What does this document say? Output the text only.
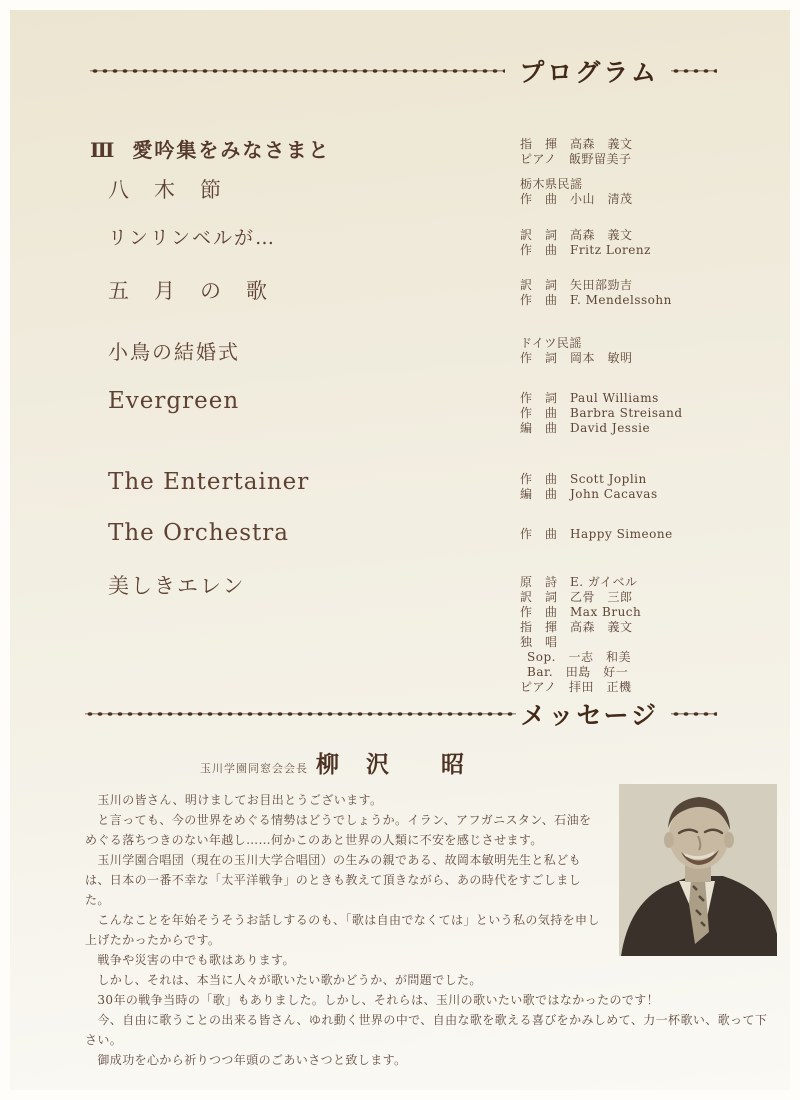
プログラム
Ⅲ 愛吟集をみなさまと	指　揮　高森　義文
ピアノ　飯野留美子
八　木　節	栃木県民謡
作　曲　小山　清茂
リンリンベルが…	訳　詞　高森　義文
作　曲　Fritz Lorenz
五　月　の　歌	訳　詞　矢田部勁吉
作　曲　F. Mendelssohn
小鳥の結婚式	ドイツ民謡
作　詞　岡本　敏明
Evergreen	作　詞　Paul Williams
作　曲　Barbra Streisand
編　曲　David Jessie
The Entertainer	作　曲　Scott Joplin
編　曲　John Cacavas
The Orchestra	作　曲　Happy Simeone
美しきエレン	原　詩　E. ガイベル
訳　詞　乙骨　三郎
作　曲　Max Bruch
指　揮　高森　義文
独　唱
Sop.　一志　和美
Bar.　田島　好一
ピアノ　拝田　正機
メッセージ
玉川学園同窓会会長 柳　沢　　昭

　玉川の皆さん、明けましてお目出とうございます。

　と言っても、今の世界をめぐる情勢はどうでしょうか。イラン、アフガニスタン、石油をめぐる落ちつきのない年越し……何かこのあと世界の人類に不安を感じさせます。

　玉川学園合唱団（現在の玉川大学合唱団）の生みの親である、故岡本敏明先生と私どもは、日本の一番不幸な「太平洋戦争」のときも教えて頂きながら、あの時代をすごしました。

　こんなことを年始そうそうお話しするのも、「歌は自由でなくては」という私の気持を申し上げたかったからです。

　戦争や災害の中でも歌はあります。

　しかし、それは、本当に人々が歌いたい歌かどうか、が問題でした。

　30年の戦争当時の「歌」もありました。しかし、それらは、玉川の歌いたい歌ではなかったのです！

　今、自由に歌うことの出来る皆さん、ゆれ動く世界の中で、自由な歌を歌える喜びをかみしめて、力一杯歌い、歌って下さい。

　御成功を心から祈りつつ年頭のごあいさつと致します。
